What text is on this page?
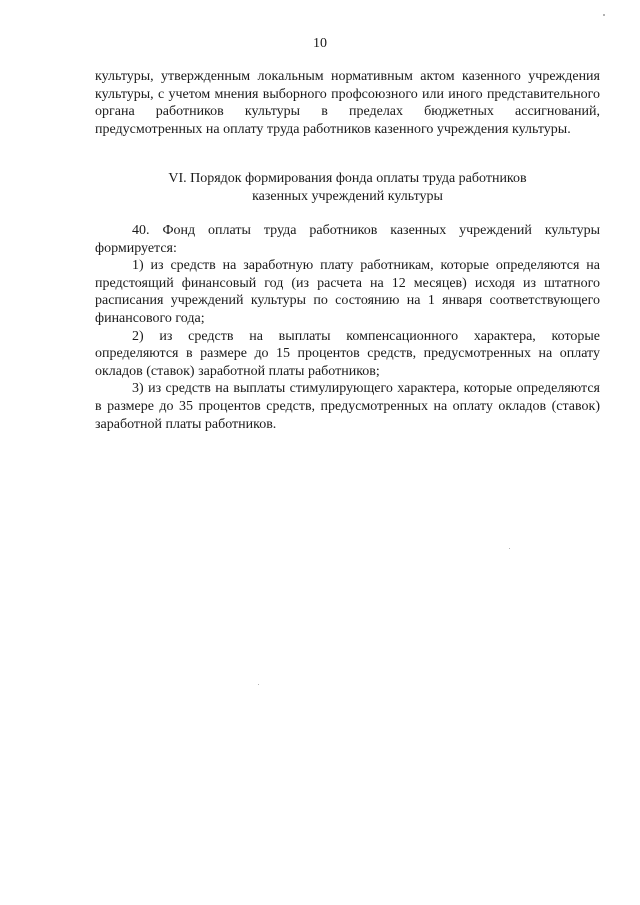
10

культуры, утвержденным локальным нормативным актом казенного учреждения культуры, с учетом мнения выборного профсоюзного или иного представительного органа работников культуры в пределах бюджетных ассигнований, предусмотренных на оплату труда работников казенного учреждения культуры.

VI. Порядок формирования фонда оплаты труда работников
казенных учреждений культуры

40. Фонд оплаты труда работников казенных учреждений культуры формируется:

1) из средств на заработную плату работникам, которые определяются на предстоящий финансовый год (из расчета на 12 месяцев) исходя из штатного расписания учреждений культуры по состоянию на 1 января соответствующего финансового года;

2) из средств на выплаты компенсационного характера, которые определяются в размере до 15 процентов средств, предусмотренных на оплату окладов (ставок) заработной платы работников;

3) из средств на выплаты стимулирующего характера, которые определяются в размере до 35 процентов средств, предусмотренных на оплату окладов (ставок) заработной платы работников.
